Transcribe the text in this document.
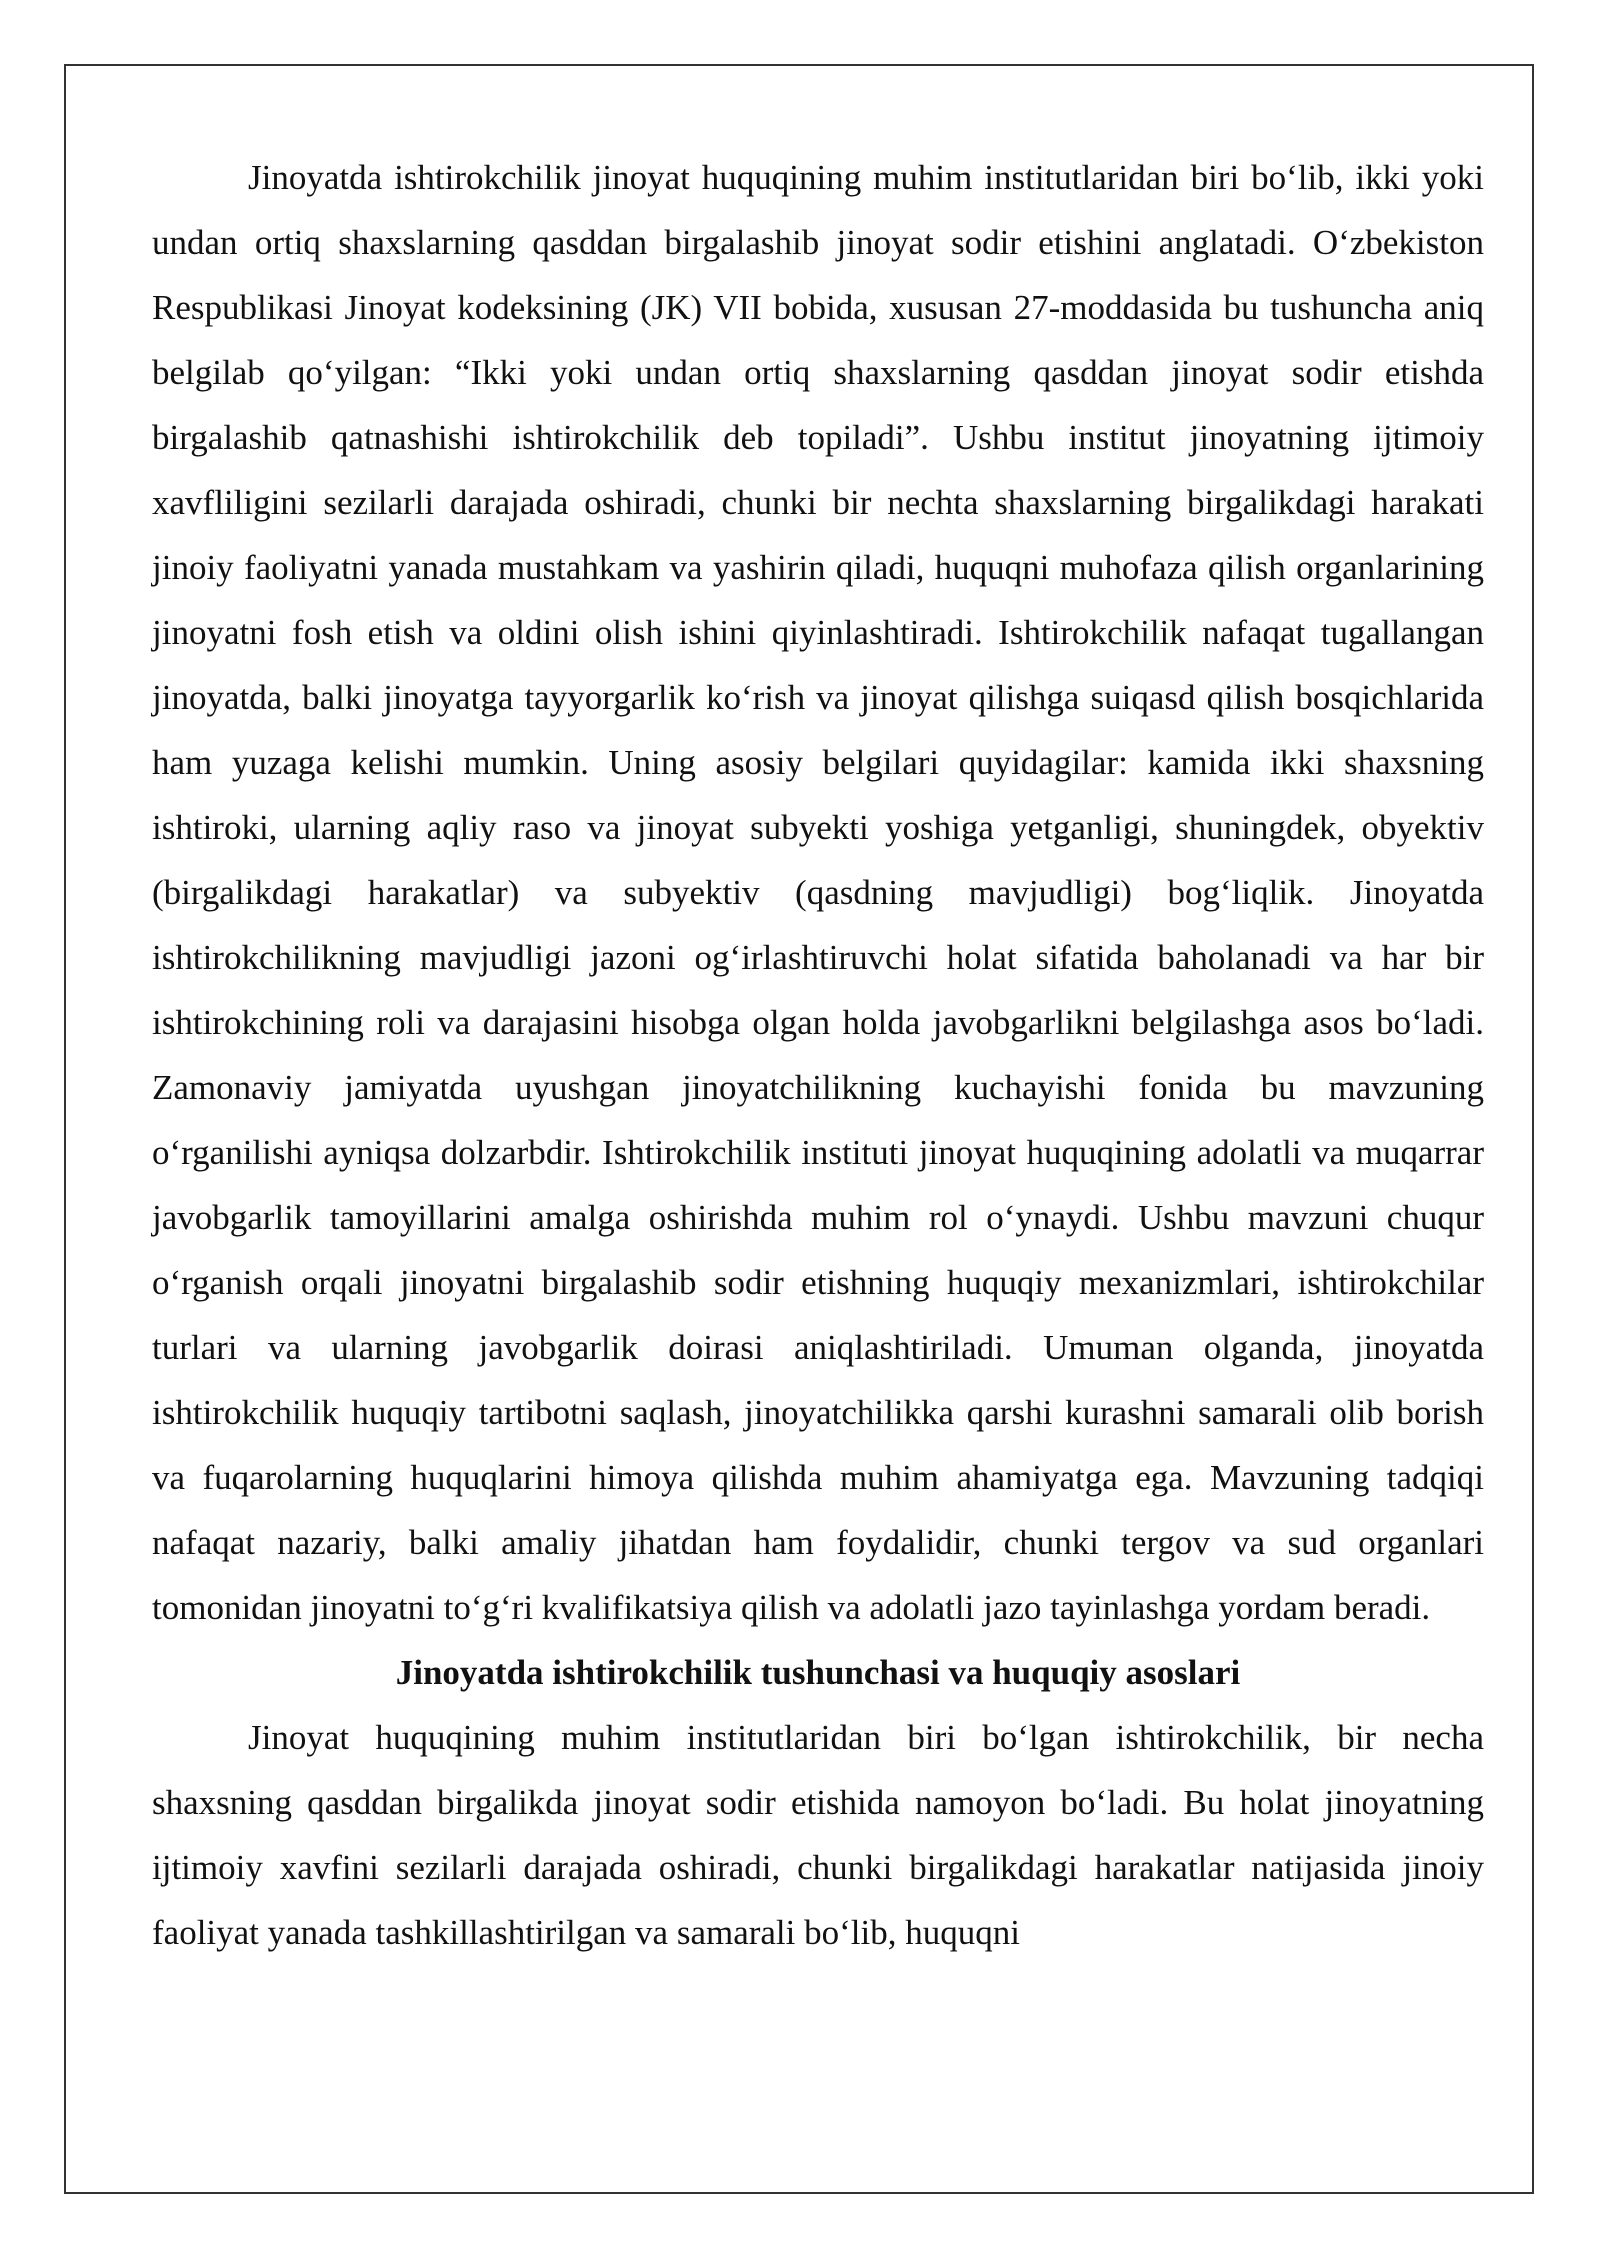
Jinoyatda ishtirokchilik jinoyat huquqining muhim institutlaridan biri bo‘lib, ikki yoki undan ortiq shaxslarning qasddan birgalashib jinoyat sodir etishini anglatadi. O‘zbekiston Respublikasi Jinoyat kodeksining (JK) VII bobida, xususan 27-moddasida bu tushuncha aniq belgilab qo‘yilgan: “Ikki yoki undan ortiq shaxslarning qasddan jinoyat sodir etishda birgalashib qatnashishi ishtirokchilik deb topiladi”. Ushbu institut jinoyatning ijtimoiy xavfliligini sezilarli darajada oshiradi, chunki bir nechta shaxslarning birgalikdagi harakati jinoiy faoliyatni yanada mustahkam va yashirin qiladi, huquqni muhofaza qilish organlarining jinoyatni fosh etish va oldini olish ishini qiyinlashtiradi. Ishtirokchilik nafaqat tugallangan jinoyatda, balki jinoyatga tayyorgarlik ko‘rish va jinoyat qilishga suiqasd qilish bosqichlarida ham yuzaga kelishi mumkin. Uning asosiy belgilari quyidagilar: kamida ikki shaxsning ishtiroki, ularning aqliy raso va jinoyat subyekti yoshiga yetganligi, shuningdek, obyektiv (birgalikdagi harakatlar) va subyektiv (qasdning mavjudligi) bog‘liqlik. Jinoyatda ishtirokchilikning mavjudligi jazoni og‘irlashtiruvchi holat sifatida baholanadi va har bir ishtirokchining roli va darajasini hisobga olgan holda javobgarlikni belgilashga asos bo‘ladi. Zamonaviy jamiyatda uyushgan jinoyatchilikning kuchayishi fonida bu mavzuning o‘rganilishi ayniqsa dolzarbdir. Ishtirokchilik instituti jinoyat huquqining adolatli va muqarrar javobgarlik tamoyillarini amalga oshirishda muhim rol o‘ynaydi. Ushbu mavzuni chuqur o‘rganish orqali jinoyatni birgalashib sodir etishning huquqiy mexanizmlari, ishtirokchilar turlari va ularning javobgarlik doirasi aniqlashtiriladi. Umuman olganda, jinoyatda ishtirokchilik huquqiy tartibotni saqlash, jinoyatchilikka qarshi kurashni samarali olib borish va fuqarolarning huquqlarini himoya qilishda muhim ahamiyatga ega. Mavzuning tadqiqi nafaqat nazariy, balki amaliy jihatdan ham foydalidir, chunki tergov va sud organlari tomonidan jinoyatni to‘g‘ri kvalifikatsiya qilish va adolatli jazo tayinlashga yordam beradi.

Jinoyatda ishtirokchilik tushunchasi va huquqiy asoslari

Jinoyat huquqining muhim institutlaridan biri bo‘lgan ishtirokchilik, bir necha shaxsning qasddan birgalikda jinoyat sodir etishida namoyon bo‘ladi. Bu holat jinoyatning ijtimoiy xavfini sezilarli darajada oshiradi, chunki birgalikdagi harakatlar natijasida jinoiy faoliyat yanada tashkillashtirilgan va samarali bo‘lib, huquqni
